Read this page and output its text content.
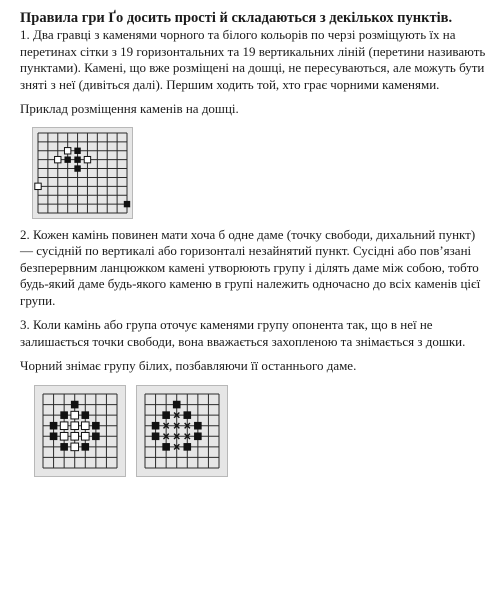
Правила гри Ґо досить прості й складаються з декількох пунктів.

1. Два гравці з каменями чорного та білого кольорів по черзі розміщують їх на перетинах сітки з 19 горизонтальних та 19 вертикальних ліній (перетини називають пунктами). Камені, що вже розміщені на дошці, не пересуваються, але можуть бути зняті з неї (дивіться далі). Першим ходить той, хто грає чорними каменями.

Приклад розміщення каменів на дошці.

2. Кожен камінь повинен мати хоча б одне даме (точку свободи, дихальний пункт) — сусідній по вертикалі або горизонталі незайнятий пункт. Сусідні або пов’язані безперервним ланцюжком камені утворюють групу і ділять даме між собою, тобто будь-який даме будь-якого каменю в групі належить одночасно до всіх каменів цієї групи.

3. Коли камінь або група оточує каменями групу опонента так, що в неї не залишається точки свободи, вона вважається захопленою та знімається з дошки.

Чорний знімає групу білих, позбавляючи її останнього даме.
